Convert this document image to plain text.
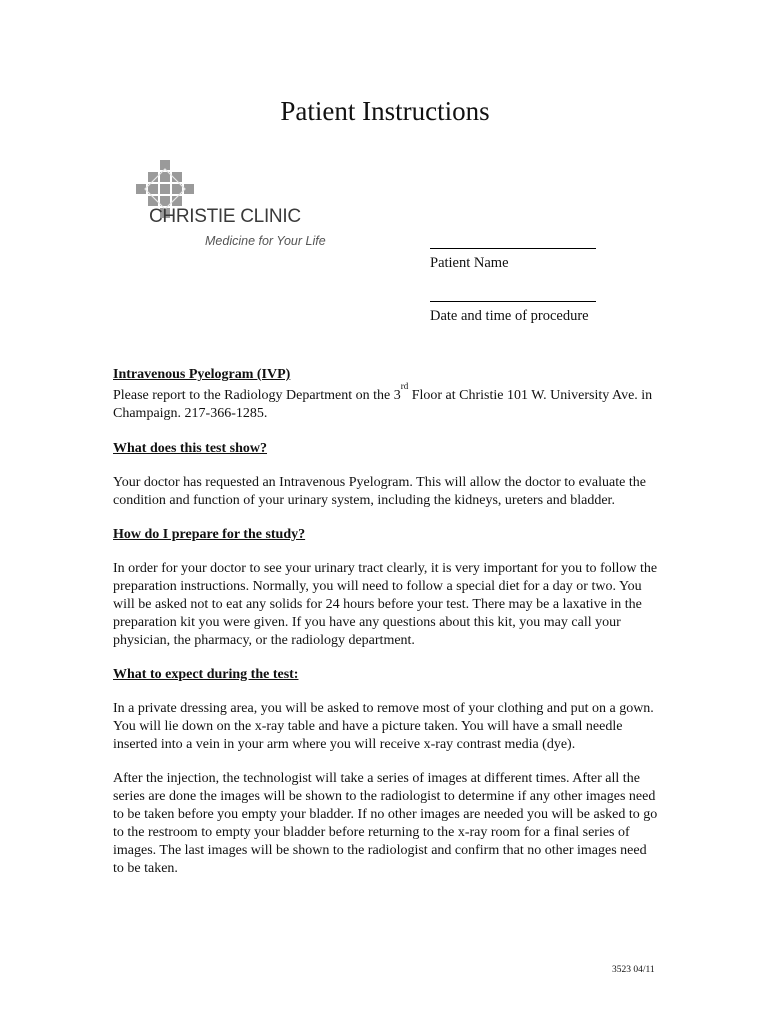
Patient Instructions

CHRISTIE CLINIC

Medicine for Your Life

Patient Name
Date and time of procedure

Intravenous Pyelogram (IVP)

Please report to the Radiology Department on the 3rd Floor at Christie 101 W. University Ave. in Champaign. 217-366-1285.

What does this test show?

Your doctor has requested an Intravenous Pyelogram. This will allow the doctor to evaluate the condition and function of your urinary system, including the kidneys, ureters and bladder.

How do I prepare for the study?

In order for your doctor to see your urinary tract clearly, it is very important for you to follow the preparation instructions. Normally, you will need to follow a special diet for a day or two. You will be asked not to eat any solids for 24 hours before your test. There may be a laxative in the preparation kit you were given. If you have any questions about this kit, you may call your physician, the pharmacy, or the radiology department.

What to expect during the test:

In a private dressing area, you will be asked to remove most of your clothing and put on a gown. You will lie down on the x-ray table and have a picture taken. You will have a small needle inserted into a vein in your arm where you will receive x-ray contrast media (dye).

After the injection, the technologist will take a series of images at different times. After all the series are done the images will be shown to the radiologist to determine if any other images need to be taken before you empty your bladder. If no other images are needed you will be asked to go to the restroom to empty your bladder before returning to the x-ray room for a final series of images. The last images will be shown to the radiologist and confirm that no other images need to be taken.

3523 04/11
